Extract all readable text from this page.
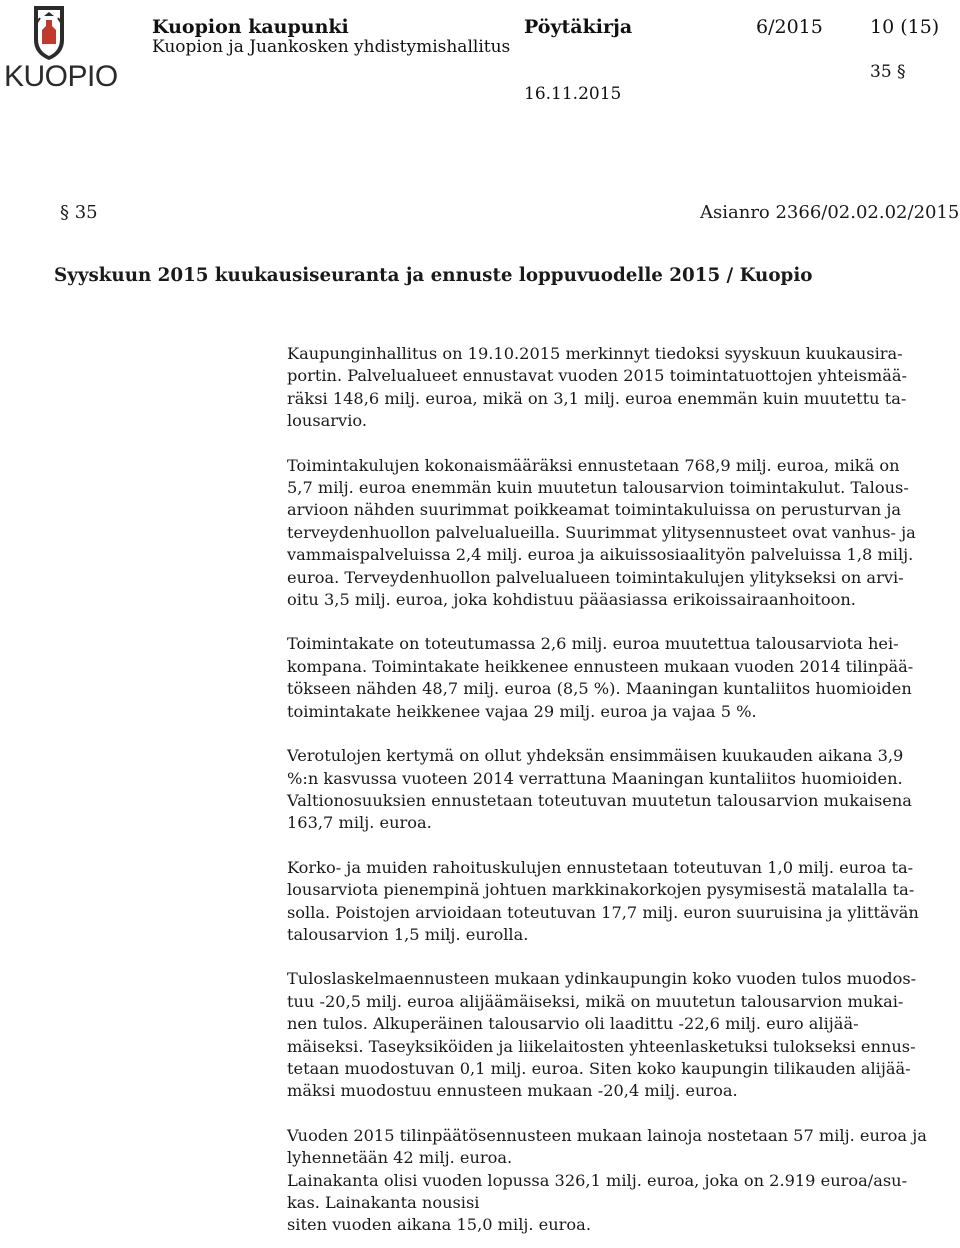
KUOPIO
Kuopion kaupunki
Kuopion ja Juankosken yhdistymishallitus
Pöytäkirja	6/2015 10 (15)
35 §
16.11.2015
§ 35	Asianro 2366/02.02.02/2015
Syyskuun 2015 kuukausiseuranta ja ennuste loppuvuodelle 2015 / Kuopio
Kaupunginhallitus on 19.10.2015 merkinnyt tiedoksi syyskuun kuukausira-
portin. Palvelualueet ennustavat vuoden 2015 toimintatuottojen yhteismää-
räksi 148,6 milj. euroa, mikä on 3,1 milj. euroa enemmän kuin muutettu ta-
lousarvio.
Toimintakulujen kokonaismääräksi ennustetaan 768,9 milj. euroa, mikä on
5,7 milj. euroa enemmän kuin muutetun talousarvion toimintakulut. Talous-
arvioon nähden suurimmat poikkeamat toimintakuluissa on perusturvan ja
terveydenhuollon palvelualueilla. Suurimmat ylitysennusteet ovat vanhus- ja
vammaispalveluissa 2,4 milj. euroa ja aikuissosiaalityön palveluissa 1,8 milj.
euroa. Terveydenhuollon palvelualueen toimintakulujen ylitykseksi on arvi-
oitu 3,5 milj. euroa, joka kohdistuu pääasiassa erikoissairaanhoitoon.
Toimintakate on toteutumassa 2,6 milj. euroa muutettua talousarviota hei-
kompana. Toimintakate heikkenee ennusteen mukaan vuoden 2014 tilinpää-
tökseen nähden 48,7 milj. euroa (8,5 %). Maaningan kuntaliitos huomioiden
toimintakate heikkenee vajaa 29 milj. euroa ja vajaa 5 %.
Verotulojen kertymä on ollut yhdeksän ensimmäisen kuukauden aikana 3,9
%:n kasvussa vuoteen 2014 verrattuna Maaningan kuntaliitos huomioiden.
Valtionosuuksien ennustetaan toteutuvan muutetun talousarvion mukaisena
163,7 milj. euroa.
Korko- ja muiden rahoituskulujen ennustetaan toteutuvan 1,0 milj. euroa ta-
lousarviota pienempinä johtuen markkinakorkojen pysymisestä matalalla ta-
solla. Poistojen arvioidaan toteutuvan 17,7 milj. euron suuruisina ja ylittävän
talousarvion 1,5 milj. eurolla.
Tuloslaskelmaennusteen mukaan ydinkaupungin koko vuoden tulos muodos-
tuu -20,5 milj. euroa alijäämäiseksi, mikä on muutetun talousarvion mukai-
nen tulos. Alkuperäinen talousarvio oli laadittu -22,6 milj. euro alijää-
mäiseksi. Taseyksiköiden ja liikelaitosten yhteenlasketuksi tulokseksi ennus-
tetaan muodostuvan 0,1 milj. euroa. Siten koko kaupungin tilikauden alijää-
mäksi muodostuu ennusteen mukaan -20,4 milj. euroa.
Vuoden 2015 tilinpäätösennusteen mukaan lainoja nostetaan 57 milj. euroa ja
lyhennetään 42 milj. euroa.
Lainakanta olisi vuoden lopussa 326,1 milj. euroa, joka on 2.919 euroa/asu-
kas. Lainakanta nousisi
siten vuoden aikana 15,0 milj. euroa.
